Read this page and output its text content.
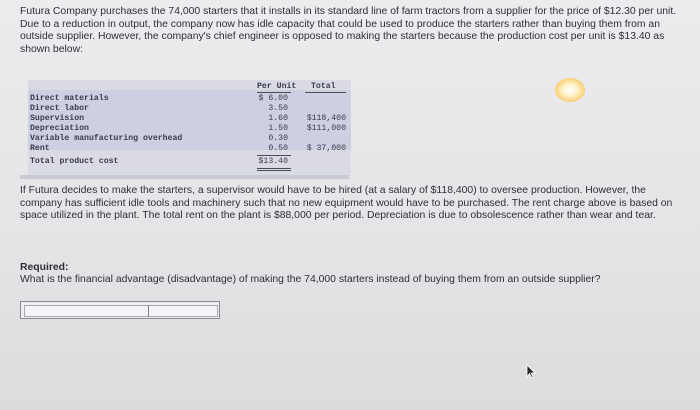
Futura Company purchases the 74,000 starters that it installs in its standard line of farm tractors from a supplier for the price of $12.30 per unit. Due to a reduction in output, the company now has idle capacity that could be used to produce the starters rather than buying them from an outside supplier. However, the company's chief engineer is opposed to making the starters because the production cost per unit is $13.40 as shown below:

Per Unit Total
Direct materials	$ 6.00
Direct labor	3.50
Supervision	1.60	$118,400
Depreciation	1.50	$111,000
Variable manufacturing overhead	0.30
Rent	0.50	$ 37,000
Total product cost	$13.40

If Futura decides to make the starters, a supervisor would have to be hired (at a salary of $118,400) to oversee production. However, the company has sufficient idle tools and machinery such that no new equipment would have to be purchased. The rent charge above is based on space utilized in the plant. The total rent on the plant is $88,000 per period. Depreciation is due to obsolescence rather than wear and tear.

Required:
What is the financial advantage (disadvantage) of making the 74,000 starters instead of buying them from an outside supplier?
